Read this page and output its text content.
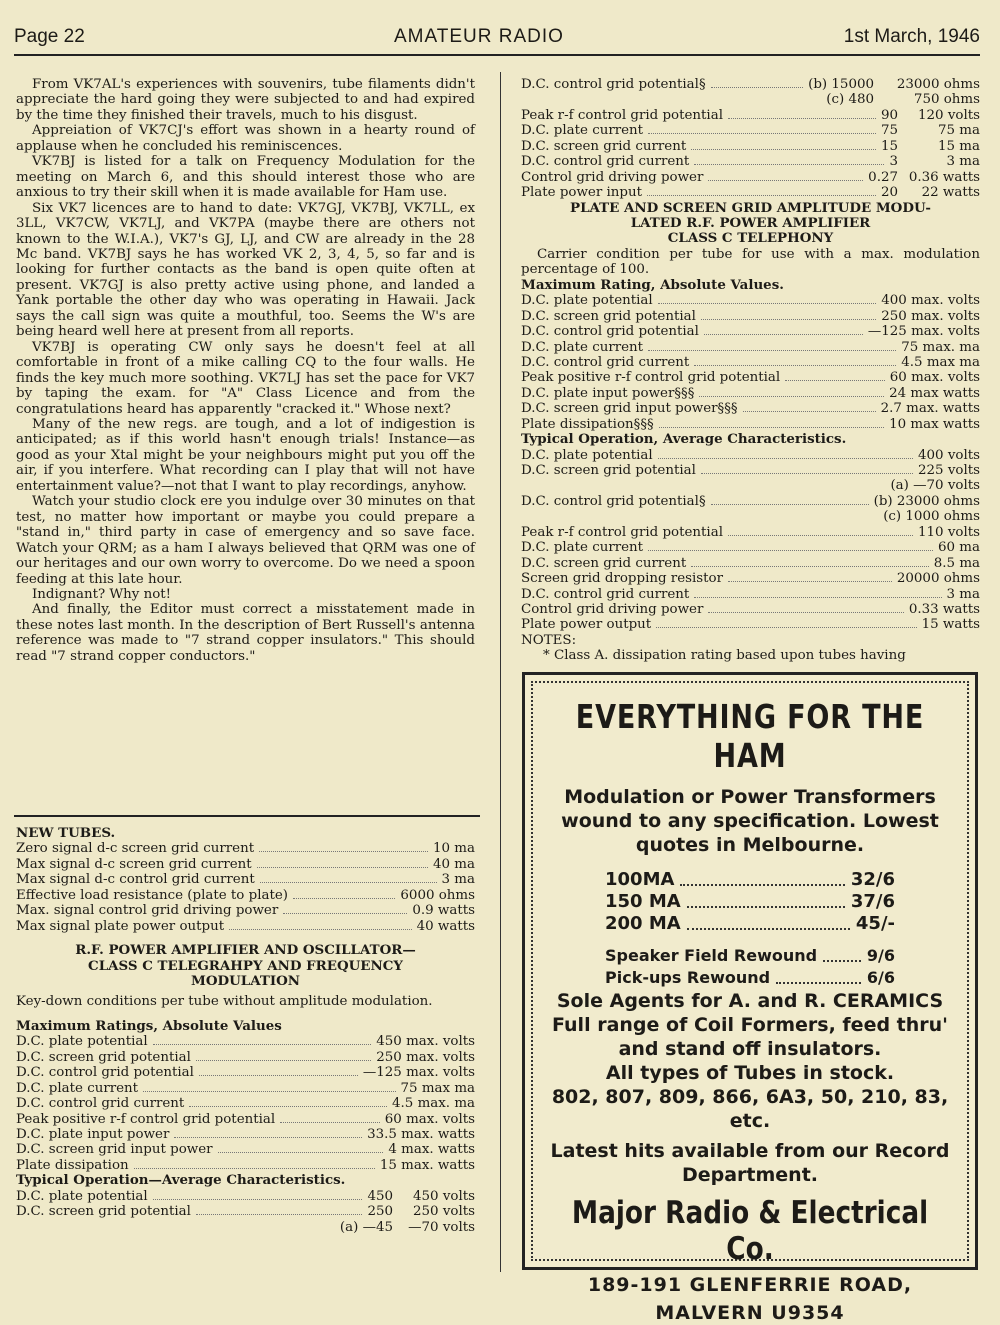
Page 22	AMATEUR RADIO	1st March, 1946

From VK7AL's experiences with souvenirs, tube filaments didn't appreciate the hard going they were subjected to and had expired by the time they finished their travels, much to his disgust.

Appreiation of VK7CJ's effort was shown in a hearty round of applause when he concluded his reminiscences.

VK7BJ is listed for a talk on Frequency Modulation for the meeting on March 6, and this should interest those who are anxious to try their skill when it is made available for Ham use.

Six VK7 licences are to hand to date: VK7GJ, VK7BJ, VK7LL, ex 3LL, VK7CW, VK7LJ, and VK7PA (maybe there are others not known to the W.I.A.), VK7's GJ, LJ, and CW are already in the 28 Mc band. VK7BJ says he has worked VK 2, 3, 4, 5, so far and is looking for further contacts as the band is open quite often at present. VK7GJ is also pretty active using phone, and landed a Yank portable the other day who was operating in Hawaii. Jack says the call sign was quite a mouthful, too. Seems the W's are being heard well here at present from all reports.

VK7BJ is operating CW only says he doesn't feel at all comfortable in front of a mike calling CQ to the four walls. He finds the key much more soothing. VK7LJ has set the pace for VK7 by taping the exam. for "A" Class Licence and from the congratulations heard has apparently "cracked it." Whose next?

Many of the new regs. are tough, and a lot of indigestion is anticipated; as if this world hasn't enough trials! Instance—as good as your Xtal might be your neighbours might put you off the air, if you interfere. What recording can I play that will not have entertainment value?—not that I want to play recordings, anyhow.

Watch your studio clock ere you indulge over 30 minutes on that test, no matter how important or maybe you could prepare a "stand in," third party in case of emergency and so save face. Watch your QRM; as a ham I always believed that QRM was one of our heritages and our own worry to overcome. Do we need a spoon feeding at this late hour.

Indignant? Why not!

And finally, the Editor must correct a misstatement made in these notes last month. In the description of Bert Russell's antenna reference was made to "7 strand copper insulators." This should read "7 strand copper conductors."

NEW TUBES.
Zero signal d-c screen grid current	10 ma
Max signal d-c screen grid current	40 ma
Max signal d-c control grid current	3 ma
Effective load resistance (plate to plate)	6000 ohms
Max. signal control grid driving power	0.9 watts
Max signal plate power output	40 watts
R.F. POWER AMPLIFIER AND OSCILLATOR—
CLASS C TELEGRAHPY AND FREQUENCY
MODULATION

Key-down conditions per tube without amplitude modulation.

Maximum Ratings, Absolute Values
D.C. plate potential	450 max. volts
D.C. screen grid potential	250 max. volts
D.C. control grid potential	—125 max. volts
D.C. plate current	75 max ma
D.C. control grid current	4.5 max. ma
Peak positive r-f control grid potential	60 max. volts
D.C. plate input power	33.5 max. watts
D.C. screen grid input power	4 max. watts
Plate dissipation	15 max. watts
Typical Operation—Average Characteristics.
D.C. plate potential	450	450 volts
D.C. screen grid potential	250	250 volts
(a) —45	—70 volts
D.C. control grid potential§	(b) 15000	23000 ohms
(c) 480	750 ohms
Peak r-f control grid potential	90	120 volts
D.C. plate current	75	75 ma
D.C. screen grid current	15	15 ma
D.C. control grid current	3	3 ma
Control grid driving power	0.27 0.36 watts
Plate power input	20	22 watts
PLATE AND SCREEN GRID AMPLITUDE MODU-
LATED R.F. POWER AMPLIFIER
CLASS C TELEPHONY

Carrier condition per tube for use with a max. modulation percentage of 100.

Maximum Rating, Absolute Values.
D.C. plate potential	400 max. volts
D.C. screen grid potential	250 max. volts
D.C. control grid potential	—125 max. volts
D.C. plate current	75 max. ma
D.C. control grid current	4.5 max ma
Peak positive r-f control grid potential	60 max. volts
D.C. plate input power§§§	24 max watts
D.C. screen grid input power§§§	2.7 max. watts
Plate dissipation§§§	10 max watts
Typical Operation, Average Characteristics.
D.C. plate potential	400 volts
D.C. screen grid potential	225 volts
(a) —70 volts
D.C. control grid potential§	(b) 23000 ohms
(c) 1000 ohms
Peak r-f control grid potential	110 volts
D.C. plate current	60 ma
D.C. screen grid current	8.5 ma
Screen grid dropping resistor	20000 ohms
D.C. control grid current	3 ma
Control grid driving power	0.33 watts
Plate power output	15 watts
NOTES:
* Class A. dissipation rating based upon tubes having
EVERYTHING FOR THE HAM
Modulation or Power Transformers
wound to any specification. Lowest
quotes in Melbourne.
100MA	32/6
150 MA	37/6
200 MA	45/-
Speaker Field Rewound	9/6
Pick-ups Rewound	6/6
Sole Agents for A. and R. CERAMICS
Full range of Coil Formers, feed thru'
and stand off insulators.
All types of Tubes in stock.
802, 807, 809, 866, 6A3, 50, 210, 83,
etc.
Latest hits available from our Record
Department.
Major Radio & Electrical Co.
189-191 GLENFERRIE ROAD,
MALVERN U9354
